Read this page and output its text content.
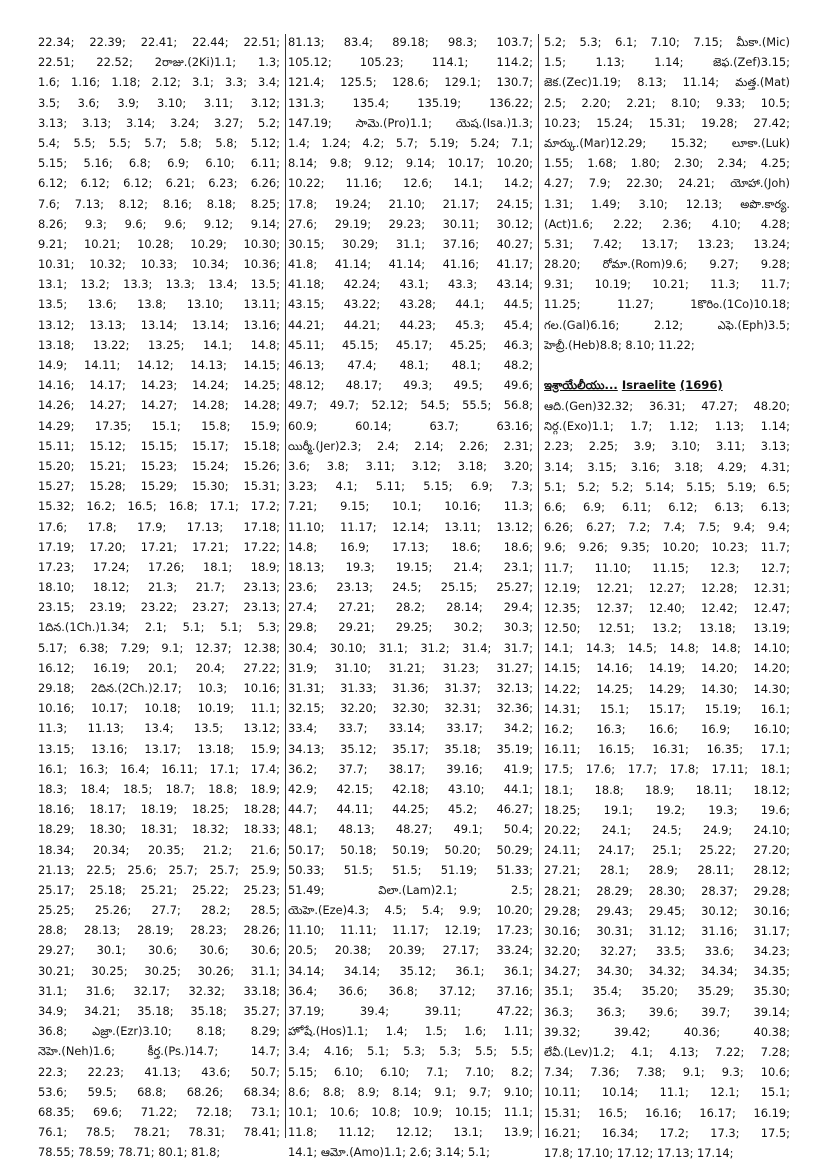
22.34; 22.39; 22.41; 22.44; 22.51;
22.51; 22.52; 2రాజు.(2Ki)1.1; 1.3;
1.6; 1.16; 1.18; 2.12; 3.1; 3.3; 3.4;
3.5; 3.6; 3.9; 3.10; 3.11; 3.12;
3.13; 3.13; 3.14; 3.24; 3.27; 5.2;
5.4; 5.5; 5.5; 5.7; 5.8; 5.8; 5.12;
5.15; 5.16; 6.8; 6.9; 6.10; 6.11;
6.12; 6.12; 6.12; 6.21; 6.23; 6.26;
7.6; 7.13; 8.12; 8.16; 8.18; 8.25;
8.26; 9.3; 9.6; 9.6; 9.12; 9.14;
9.21; 10.21; 10.28; 10.29; 10.30;
10.31; 10.32; 10.33; 10.34; 10.36;
13.1; 13.2; 13.3; 13.3; 13.4; 13.5;
13.5; 13.6; 13.8; 13.10; 13.11;
13.12; 13.13; 13.14; 13.14; 13.16;
13.18; 13.22; 13.25; 14.1; 14.8;
14.9; 14.11; 14.12; 14.13; 14.15;
14.16; 14.17; 14.23; 14.24; 14.25;
14.26; 14.27; 14.27; 14.28; 14.28;
14.29; 17.35; 15.1; 15.8; 15.9;
15.11; 15.12; 15.15; 15.17; 15.18;
15.20; 15.21; 15.23; 15.24; 15.26;
15.27; 15.28; 15.29; 15.30; 15.31;
15.32; 16.2; 16.5; 16.8; 17.1; 17.2;
17.6; 17.8; 17.9; 17.13; 17.18;
17.19; 17.20; 17.21; 17.21; 17.22;
17.23; 17.24; 17.26; 18.1; 18.9;
18.10; 18.12; 21.3; 21.7; 23.13;
23.15; 23.19; 23.22; 23.27; 23.13;
1దిన.(1Ch.)1.34; 2.1; 5.1; 5.1; 5.3;
5.17; 6.38; 7.29; 9.1; 12.37; 12.38;
16.12; 16.19; 20.1; 20.4; 27.22;
29.18; 2దిన.(2Ch.)2.17; 10.3; 10.16;
10.16; 10.17; 10.18; 10.19; 11.1;
11.3; 11.13; 13.4; 13.5; 13.12;
13.15; 13.16; 13.17; 13.18; 15.9;
16.1; 16.3; 16.4; 16.11; 17.1; 17.4;
18.3; 18.4; 18.5; 18.7; 18.8; 18.9;
18.16; 18.17; 18.19; 18.25; 18.28;
18.29; 18.30; 18.31; 18.32; 18.33;
18.34; 20.34; 20.35; 21.2; 21.6;
21.13; 22.5; 25.6; 25.7; 25.7; 25.9;
25.17; 25.18; 25.21; 25.22; 25.23;
25.25; 25.26; 27.7; 28.2; 28.5;
28.8; 28.13; 28.19; 28.23; 28.26;
29.27; 30.1; 30.6; 30.6; 30.6;
30.21; 30.25; 30.25; 30.26; 31.1;
31.1; 31.6; 32.17; 32.32; 33.18;
34.9; 34.21; 35.18; 35.18; 35.27;
36.8; ఎజ్రా.(Ezr)3.10; 8.18; 8.29;
నెహె.(Neh)1.6; కీర్త.(Ps.)14.7; 14.7;
22.3; 22.23; 41.13; 43.6; 50.7;
53.6; 59.5; 68.8; 68.26; 68.34;
68.35; 69.6; 71.22; 72.18; 73.1;
76.1; 78.5; 78.21; 78.31; 78.41;
78.55; 78.59; 78.71; 80.1; 81.8;
81.13; 83.4; 89.18; 98.3; 103.7;
105.12; 105.23; 114.1; 114.2;
121.4; 125.5; 128.6; 129.1; 130.7;
131.3; 135.4; 135.19; 136.22;
147.19; సామె.(Pro)1.1; యెష.(Isa.)1.3;
1.4; 1.24; 4.2; 5.7; 5.19; 5.24; 7.1;
8.14; 9.8; 9.12; 9.14; 10.17; 10.20;
10.22; 11.16; 12.6; 14.1; 14.2;
17.8; 19.24; 21.10; 21.17; 24.15;
27.6; 29.19; 29.23; 30.11; 30.12;
30.15; 30.29; 31.1; 37.16; 40.27;
41.8; 41.14; 41.14; 41.16; 41.17;
41.18; 42.24; 43.1; 43.3; 43.14;
43.15; 43.22; 43.28; 44.1; 44.5;
44.21; 44.21; 44.23; 45.3; 45.4;
45.11; 45.15; 45.17; 45.25; 46.3;
46.13; 47.4; 48.1; 48.1; 48.2;
48.12; 48.17; 49.3; 49.5; 49.6;
49.7; 49.7; 52.12; 54.5; 55.5; 56.8;
60.9; 60.14; 63.7; 63.16;
యిర్మీ.(Jer)2.3; 2.4; 2.14; 2.26; 2.31;
3.6; 3.8; 3.11; 3.12; 3.18; 3.20;
3.23; 4.1; 5.11; 5.15; 6.9; 7.3;
7.21; 9.15; 10.1; 10.16; 11.3;
11.10; 11.17; 12.14; 13.11; 13.12;
14.8; 16.9; 17.13; 18.6; 18.6;
18.13; 19.3; 19.15; 21.4; 23.1;
23.6; 23.13; 24.5; 25.15; 25.27;
27.4; 27.21; 28.2; 28.14; 29.4;
29.8; 29.21; 29.25; 30.2; 30.3;
30.4; 30.10; 31.1; 31.2; 31.4; 31.7;
31.9; 31.10; 31.21; 31.23; 31.27;
31.31; 31.33; 31.36; 31.37; 32.13;
32.15; 32.20; 32.30; 32.31; 32.36;
33.4; 33.7; 33.14; 33.17; 34.2;
34.13; 35.12; 35.17; 35.18; 35.19;
36.2; 37.7; 38.17; 39.16; 41.9;
42.9; 42.15; 42.18; 43.10; 44.1;
44.7; 44.11; 44.25; 45.2; 46.27;
48.1; 48.13; 48.27; 49.1; 50.4;
50.17; 50.18; 50.19; 50.20; 50.29;
50.33; 51.5; 51.5; 51.19; 51.33;
51.49; విలా.(Lam)2.1; 2.5;
యెహె.(Eze)4.3; 4.5; 5.4; 9.9; 10.20;
11.10; 11.11; 11.17; 12.19; 17.23;
20.5; 20.38; 20.39; 27.17; 33.24;
34.14; 34.14; 35.12; 36.1; 36.1;
36.4; 36.6; 36.8; 37.12; 37.16;
37.19; 39.4; 39.11; 47.22;
హోషే.(Hos)1.1; 1.4; 1.5; 1.6; 1.11;
3.4; 4.16; 5.1; 5.3; 5.3; 5.5; 5.5;
5.15; 6.10; 6.10; 7.1; 7.10; 8.2;
8.6; 8.8; 8.9; 8.14; 9.1; 9.7; 9.10;
10.1; 10.6; 10.8; 10.9; 10.15; 11.1;
11.8; 11.12; 12.12; 13.1; 13.9;
14.1; ఆమో.(Amo)1.1; 2.6; 3.14; 5.1;
5.2; 5.3; 6.1; 7.10; 7.15; మీకా.(Mic)
1.5; 1.13; 1.14; జెఫ.(Zef)3.15;
జెక.(Zec)1.19; 8.13; 11.14; మత్త.(Mat)
2.5; 2.20; 2.21; 8.10; 9.33; 10.5;
10.23; 15.24; 15.31; 19.28; 27.42;
మార్కు.(Mar)12.29; 15.32; లూకా.(Luk)
1.55; 1.68; 1.80; 2.30; 2.34; 4.25;
4.27; 7.9; 22.30; 24.21; యోహా.(Joh)
1.31; 1.49; 3.10; 12.13; అపొ.కార్య.
(Act)1.6; 2.22; 2.36; 4.10; 4.28;
5.31; 7.42; 13.17; 13.23; 13.24;
28.20; రోమా.(Rom)9.6; 9.27; 9.28;
9.31; 10.19; 10.21; 11.3; 11.7;
11.25; 11.27; 1కొరిం.(1Co)10.18;
గల.(Gal)6.16; 2.12; ఎఫె.(Eph)3.5;
హెబ్రీ.(Heb)8.8; 8.10; 11.22;
ఇశ్రాయేలీయు... Israelite (1696)
ఆది.(Gen)32.32; 36.31; 47.27; 48.20;
నిర్గ.(Exo)1.1; 1.7; 1.12; 1.13; 1.14;
2.23; 2.25; 3.9; 3.10; 3.11; 3.13;
3.14; 3.15; 3.16; 3.18; 4.29; 4.31;
5.1; 5.2; 5.2; 5.14; 5.15; 5.19; 6.5;
6.6; 6.9; 6.11; 6.12; 6.13; 6.13;
6.26; 6.27; 7.2; 7.4; 7.5; 9.4; 9.4;
9.6; 9.26; 9.35; 10.20; 10.23; 11.7;
11.7; 11.10; 11.15; 12.3; 12.7;
12.19; 12.21; 12.27; 12.28; 12.31;
12.35; 12.37; 12.40; 12.42; 12.47;
12.50; 12.51; 13.2; 13.18; 13.19;
14.1; 14.3; 14.5; 14.8; 14.8; 14.10;
14.15; 14.16; 14.19; 14.20; 14.20;
14.22; 14.25; 14.29; 14.30; 14.30;
14.31; 15.1; 15.17; 15.19; 16.1;
16.2; 16.3; 16.6; 16.9; 16.10;
16.11; 16.15; 16.31; 16.35; 17.1;
17.5; 17.6; 17.7; 17.8; 17.11; 18.1;
18.1; 18.8; 18.9; 18.11; 18.12;
18.25; 19.1; 19.2; 19.3; 19.6;
20.22; 24.1; 24.5; 24.9; 24.10;
24.11; 24.17; 25.1; 25.22; 27.20;
27.21; 28.1; 28.9; 28.11; 28.12;
28.21; 28.29; 28.30; 28.37; 29.28;
29.28; 29.43; 29.45; 30.12; 30.16;
30.16; 30.31; 31.12; 31.16; 31.17;
32.20; 32.27; 33.5; 33.6; 34.23;
34.27; 34.30; 34.32; 34.34; 34.35;
35.1; 35.4; 35.20; 35.29; 35.30;
36.3; 36.3; 39.6; 39.7; 39.14;
39.32; 39.42; 40.36; 40.38;
లేవీ.(Lev)1.2; 4.1; 4.13; 7.22; 7.28;
7.34; 7.36; 7.38; 9.1; 9.3; 10.6;
10.11; 10.14; 11.1; 12.1; 15.1;
15.31; 16.5; 16.16; 16.17; 16.19;
16.21; 16.34; 17.2; 17.3; 17.5;
17.8; 17.10; 17.12; 17.13; 17.14;
